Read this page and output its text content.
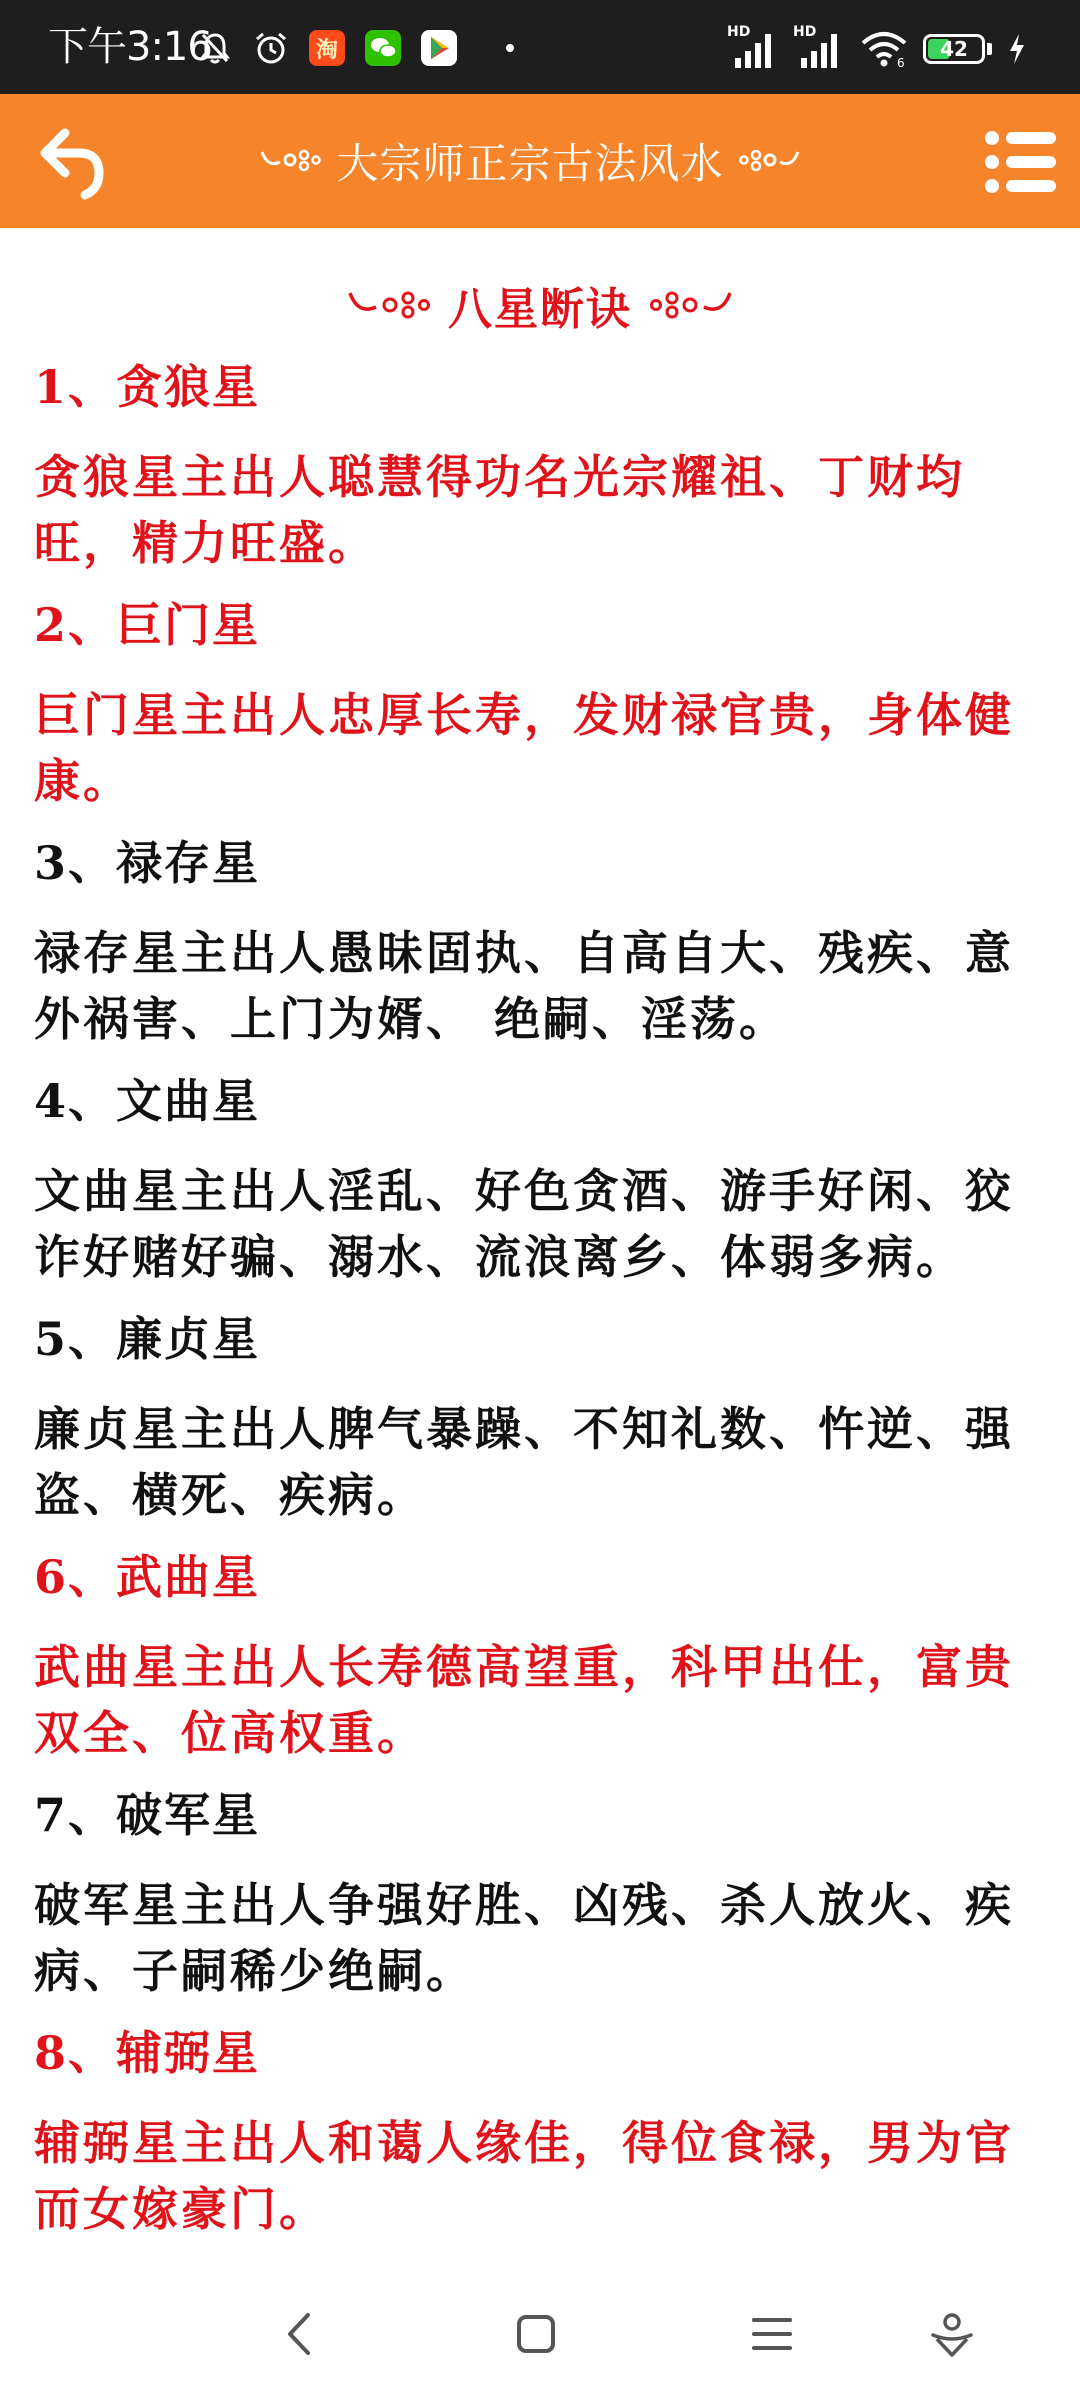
下午3:16	淘
HD	HD
6
42
大宗师正宗古法风水
八星断诀

1、贪狼星

贪狼星主出人聪慧得功名光宗耀祖、丁财均旺，精力旺盛。

2、巨门星

巨门星主出人忠厚长寿，发财禄官贵，身体健康。

3、禄存星

禄存星主出人愚昧固执、自高自大、残疾、意外祸害、上门为婿、 绝嗣、淫荡。

4、文曲星

文曲星主出人淫乱、好色贪酒、游手好闲、狡诈好赌好骗、溺水、流浪离乡、体弱多病。

5、廉贞星

廉贞星主出人脾气暴躁、不知礼数、忤逆、强盗、横死、疾病。

6、武曲星

武曲星主出人长寿德高望重，科甲出仕，富贵双全、位高权重。

7、破军星

破军星主出人争强好胜、凶残、杀人放火、疾病、子嗣稀少绝嗣。

8、辅弼星

辅弼星主出人和蔼人缘佳，得位食禄，男为官而女嫁豪门。
